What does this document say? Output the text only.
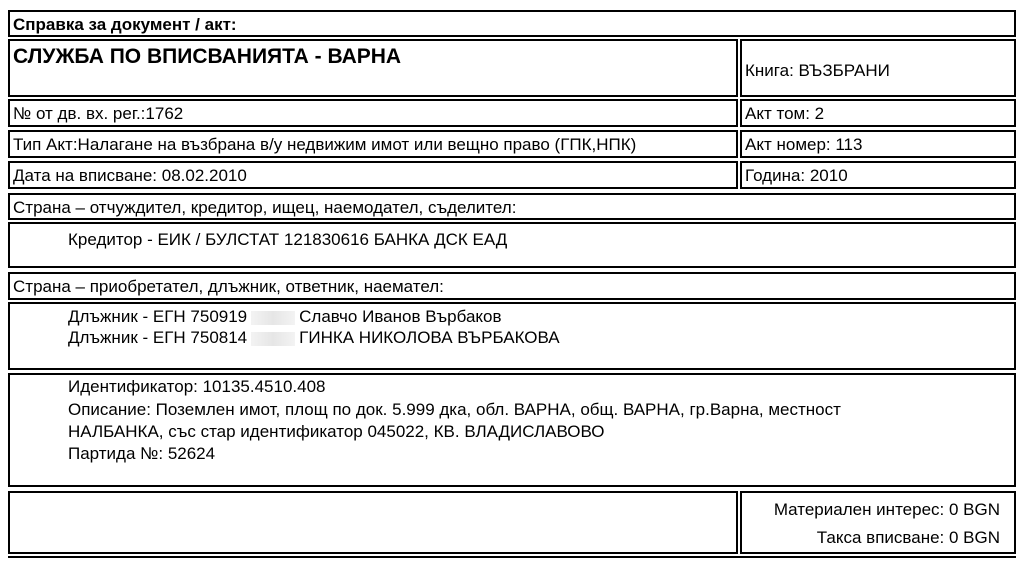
Справка за документ / акт:
СЛУЖБА ПО ВПИСВАНИЯТА - ВАРНА
Книга: ВЪЗБРАНИ
№ от дв. вх. рег.:1762	Акт том: 2
Тип Акт:Налагане на възбрана в/у недвижим имот или вещно право (ГПК,НПК)	Акт номер: 113
Дата на вписване: 08.02.2010	Година: 2010
Страна – отчуждител, кредитор, ищец, наемодател, съделител:
Кредитор - ЕИК / БУЛСТАТ 121830616 БАНКА ДСК ЕАД
Страна – приобретател, длъжник, ответник, наемател:
Длъжник - ЕГН 750919	Славчо Иванов Върбаков
Длъжник - ЕГН 750814	ГИНКА НИКОЛОВА ВЪРБАКОВА
Идентификатор: 10135.4510.408
Описание: Поземлен имот, площ по док. 5.999 дка, обл. ВАРНА, общ. ВАРНА, гр.Варна, местност
НАЛБАНКА, със стар идентификатор 045022, КВ. ВЛАДИСЛАВОВО
Партида №: 52624
Материален интерес: 0 BGN
Такса вписване: 0 BGN
